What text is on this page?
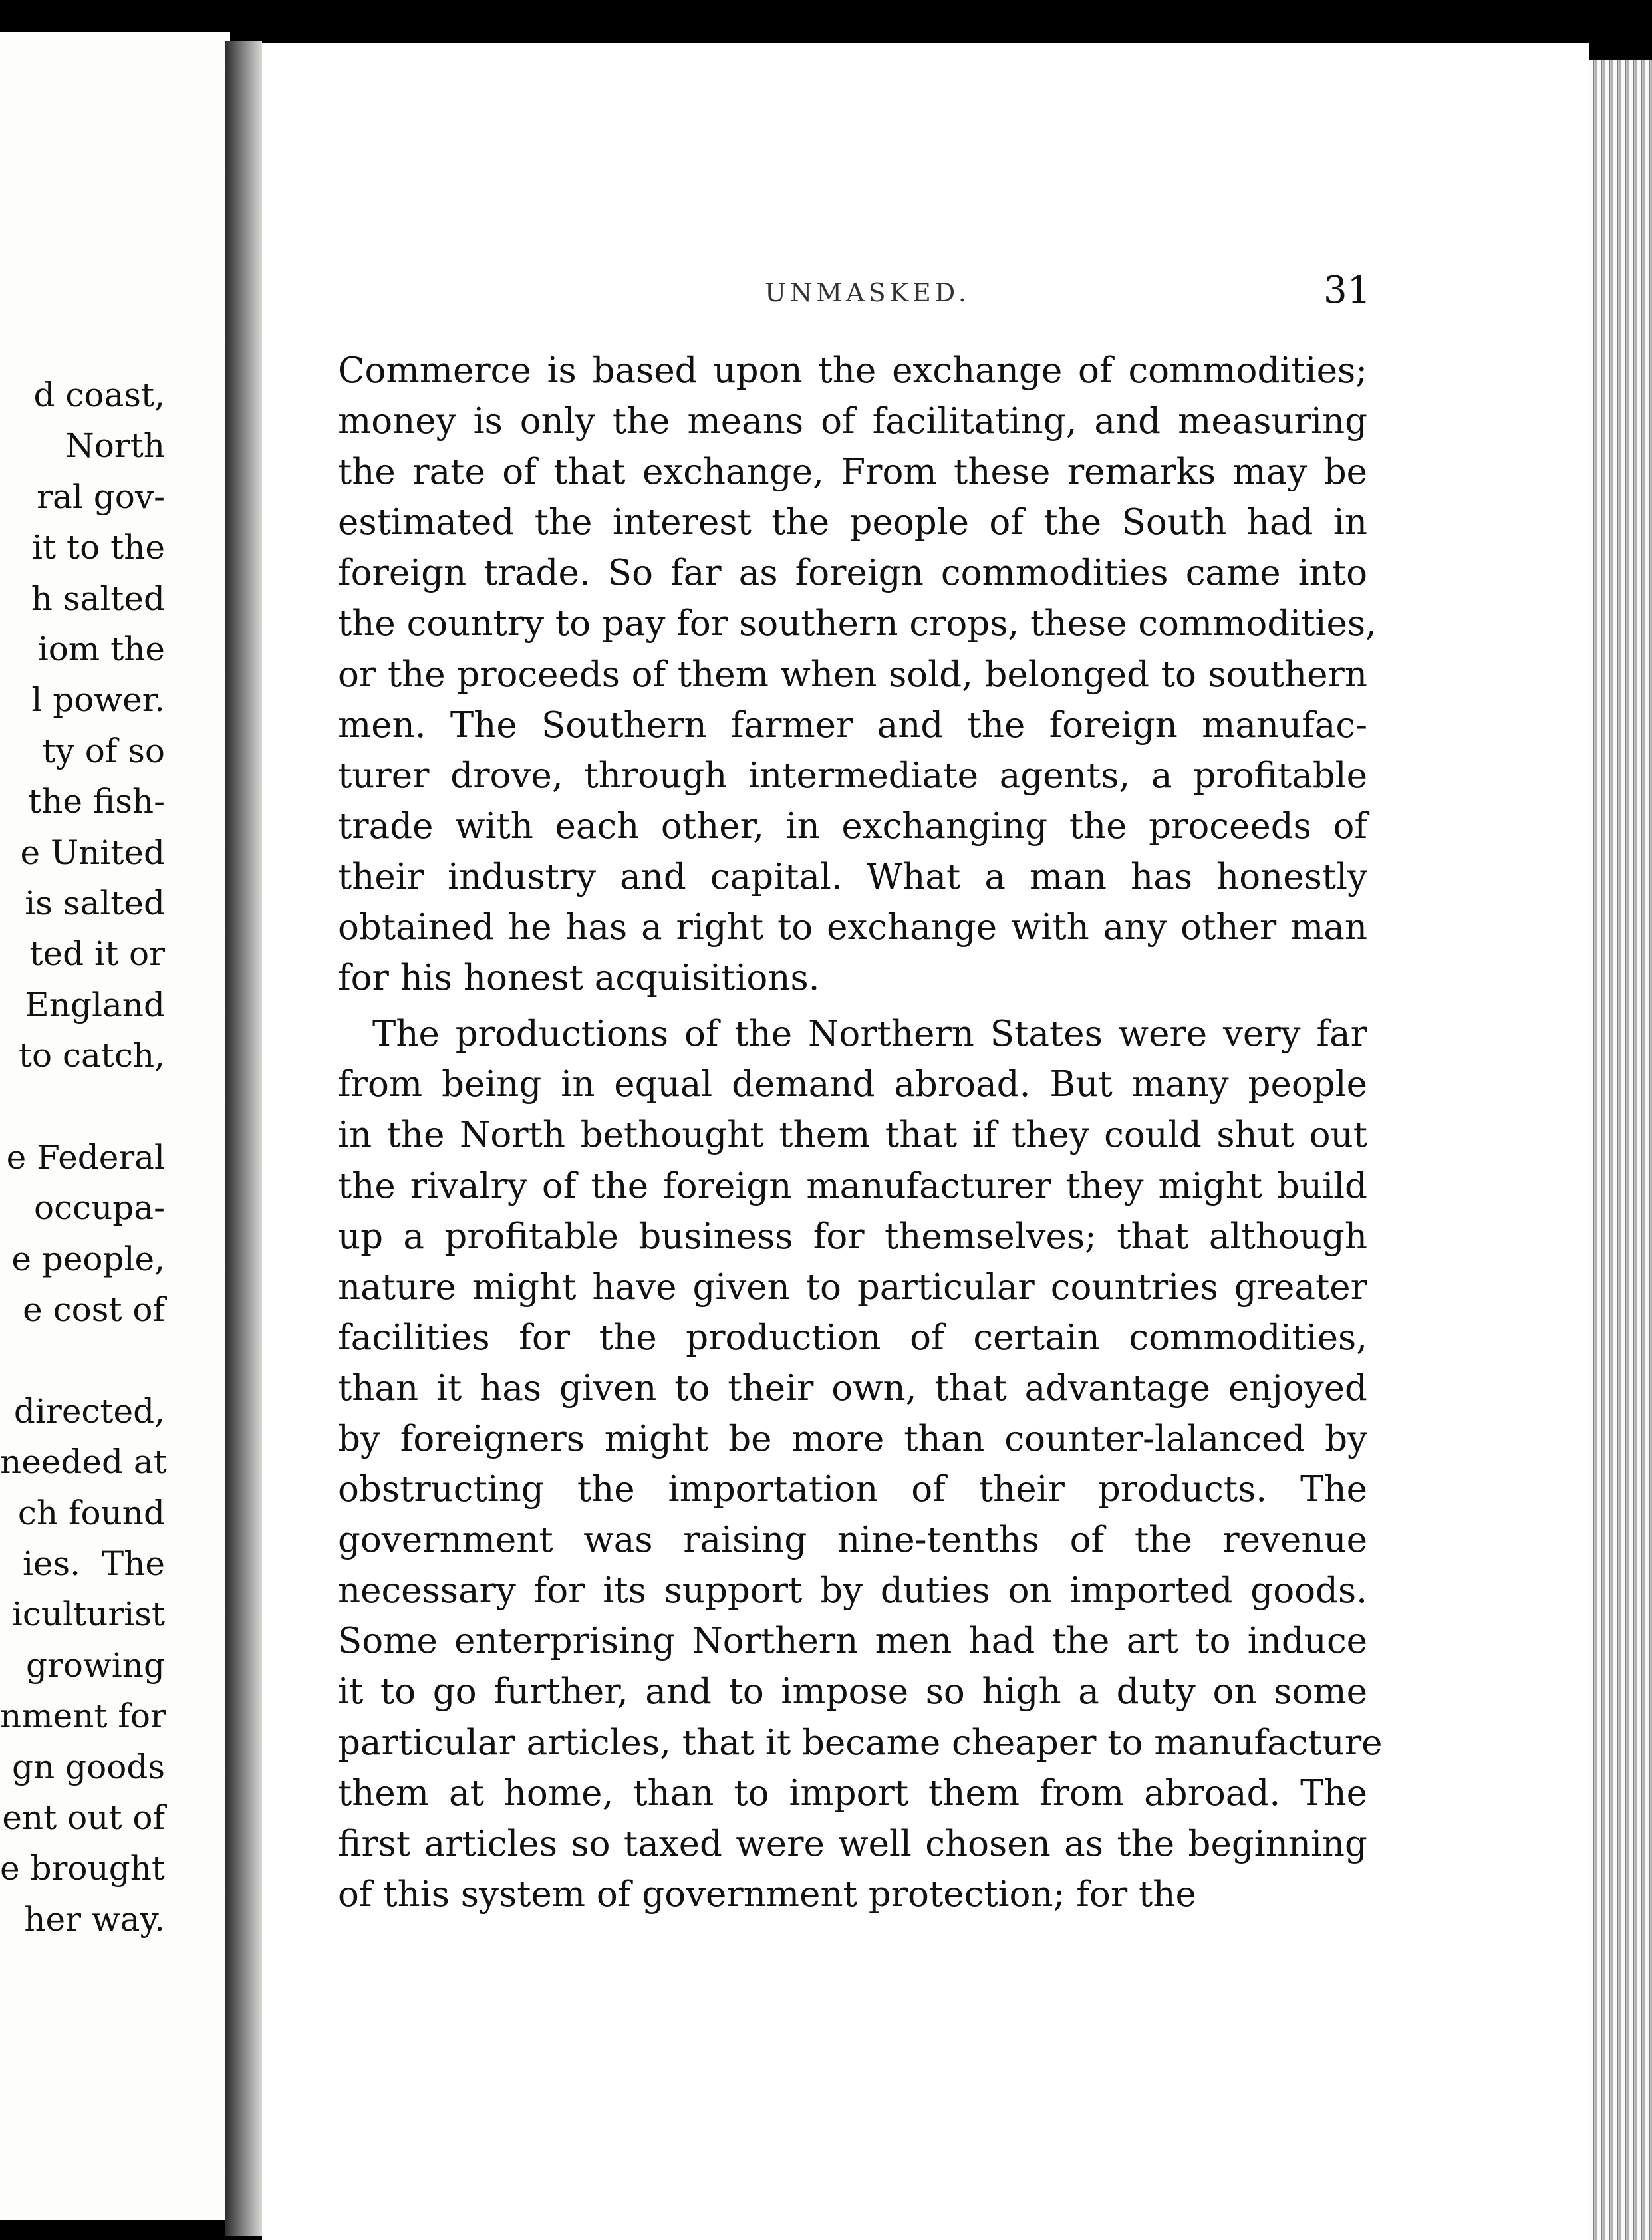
d coast,
North
ral gov-
it to the
h salted
iom the
l power.
ty of so
the fish-
e United
is salted
ted it or
England
to catch,
e Federal
occupa-
e people,
e cost of
directed,
needed at
ch found
ies.  The
iculturist
growing
nment for
gn goods
ent out of
e brought
her way.
UNMASKED.	31
Commerce is based upon the exchange of commodities;
money is only the means of facilitating, and measuring
the rate of that exchange, From these remarks may be
estimated the interest the people of the South had in
foreign trade. So far as foreign commodities came into
the country to pay for southern crops, these commodities,
or the proceeds of them when sold, belonged to southern
men. The Southern farmer and the foreign manufac-
turer drove, through intermediate agents, a profitable
trade with each other, in exchanging the proceeds of
their industry and capital. What a man has honestly
obtained he has a right to exchange with any other man
for his honest acquisitions.
The productions of the Northern States were very far
from being in equal demand abroad. But many people
in the North bethought them that if they could shut out
the rivalry of the foreign manufacturer they might build
up a profitable business for themselves; that although
nature might have given to particular countries greater
facilities for the production of certain commodities,
than it has given to their own, that advantage enjoyed
by foreigners might be more than counter-lalanced by
obstructing the importation of their products. The
government was raising nine-tenths of the revenue
necessary for its support by duties on imported goods.
Some enterprising Northern men had the art to induce
it to go further, and to impose so high a duty on some
particular articles, that it became cheaper to manufacture
them at home, than to import them from abroad. The
first articles so taxed were well chosen as the beginning
of this system of government protection; for the
